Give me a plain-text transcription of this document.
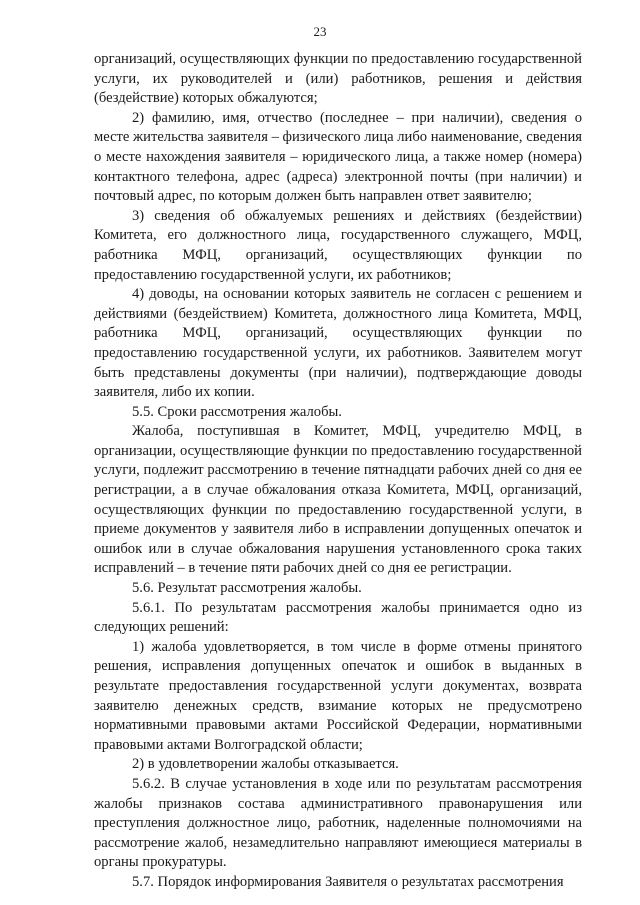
23

организаций, осуществляющих функции по предоставлению государственной услуги, их руководителей и (или) работников, решения и действия (бездействие) которых обжалуются;

2) фамилию, имя, отчество (последнее – при наличии), сведения о месте жительства заявителя – физического лица либо наименование, сведения о месте нахождения заявителя – юридического лица, а также номер (номера) контактного телефона, адрес (адреса) электронной почты (при наличии) и почтовый адрес, по которым должен быть направлен ответ заявителю;

3) сведения об обжалуемых решениях и действиях (бездействии) Комитета, его должностного лица, государственного служащего, МФЦ, работника МФЦ, организаций, осуществляющих функции по предоставлению государственной услуги, их работников;

4) доводы, на основании которых заявитель не согласен с решением и действиями (бездействием) Комитета, должностного лица Комитета, МФЦ, работника МФЦ, организаций, осуществляющих функции по предоставлению государственной услуги, их работников. Заявителем могут быть представлены документы (при наличии), подтверждающие доводы заявителя, либо их копии.

5.5. Сроки рассмотрения жалобы.

Жалоба, поступившая в Комитет, МФЦ, учредителю МФЦ, в организации, осуществляющие функции по предоставлению государственной услуги, подлежит рассмотрению в течение пятнадцати рабочих дней со дня ее регистрации, а в случае обжалования отказа Комитета, МФЦ, организаций, осуществляющих функции по предоставлению государственной услуги, в приеме документов у заявителя либо в исправлении допущенных опечаток и ошибок или в случае обжалования нарушения установленного срока таких исправлений – в течение пяти рабочих дней со дня ее регистрации.

5.6. Результат рассмотрения жалобы.

5.6.1. По результатам рассмотрения жалобы принимается одно из следующих решений:

1) жалоба удовлетворяется, в том числе в форме отмены принятого решения, исправления допущенных опечаток и ошибок в выданных в результате предоставления государственной услуги документах, возврата заявителю денежных средств, взимание которых не предусмотрено нормативными правовыми актами Российской Федерации, нормативными правовыми актами Волгоградской области;

2) в удовлетворении жалобы отказывается.

5.6.2. В случае установления в ходе или по результатам рассмотрения жалобы признаков состава административного правонарушения или преступления должностное лицо, работник, наделенные полномочиями на рассмотрение жалоб, незамедлительно направляют имеющиеся материалы в органы прокуратуры.

5.7. Порядок информирования Заявителя о результатах рассмотрения
